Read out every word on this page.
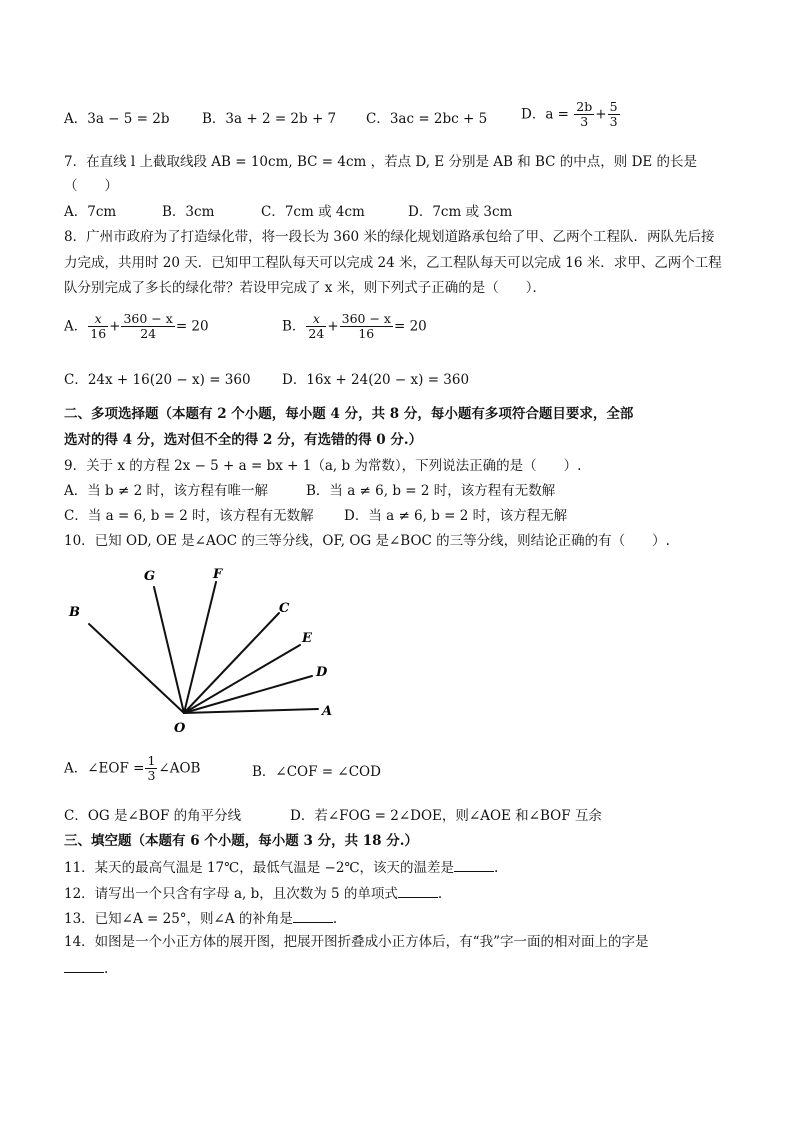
A．3a − 5 = 2b B．3a + 2 = 2b + 7 C．3ac = 2bc + 5	D．$a = \frac{2b}{3} + \frac{5}{3}$
7．在直线 l 上截取线段 AB = 10cm, BC = 4cm ，若点 D, E 分别是 AB 和 BC 的中点，则 DE 的长是
（　　）
A．7cm	B．3cm	C．7cm 或 4cm	D．7cm 或 3cm
8．广州市政府为了打造绿化带，将一段长为 360 米的绿化规划道路承包给了甲、乙两个工程队．两队先后接
力完成，共用时 20 天．已知甲工程队每天可以完成 24 米，乙工程队每天可以完成 16 米．求甲、乙两个工程
队分别完成了多长的绿化带？若设甲完成了 x 米，则下列式子正确的是（　　）．
A． $\frac{x}{16} + \frac{360 - x}{24} = 20$	B． $\frac{x}{24} + \frac{360 - x}{16} = 20$
C．24x + 16(20 − x) = 360 D．16x + 24(20 − x) = 360
二、多项选择题（本题有 2 个小题，每小题 4 分，共 8 分，每小题有多项符合题目要求，全部
选对的得 4 分，选对但不全的得 2 分，有选错的得 0 分.）
9．关于 x 的方程 2x − 5 + a = bx + 1（a, b 为常数），下列说法正确的是（　　）.
A．当 b ≠ 2 时，该方程有唯一解	B．当 a ≠ 6, b = 2 时，该方程有无数解
C．当 a = 6, b = 2 时，该方程有无数解 D．当 a ≠ 6, b = 2 时，该方程无解
10．已知 OD, OE 是∠AOC 的三等分线，OF, OG 是∠BOC 的三等分线，则结论正确的有（　　）.
G	F
B	C
E
D
O
A
A．∠EOF = $\frac{1}{3}$ ∠AOB	B．∠COF = ∠COD
C．OG 是∠BOF 的角平分线	D．若∠FOG = 2∠DOE，则∠AOE 和∠BOF 互余
三、填空题（本题有 6 个小题，每小题 3 分，共 18 分.）
11．某天的最高气温是 17℃，最低气温是 −2℃，该天的温差是	.
12．请写出一个只含有字母 a, b，且次数为 5 的单项式	.
13．已知∠A = 25°，则∠A 的补角是	.
14．如图是一个小正方体的展开图，把展开图折叠成小正方体后，有“我”字一面的相对面上的字是
.
